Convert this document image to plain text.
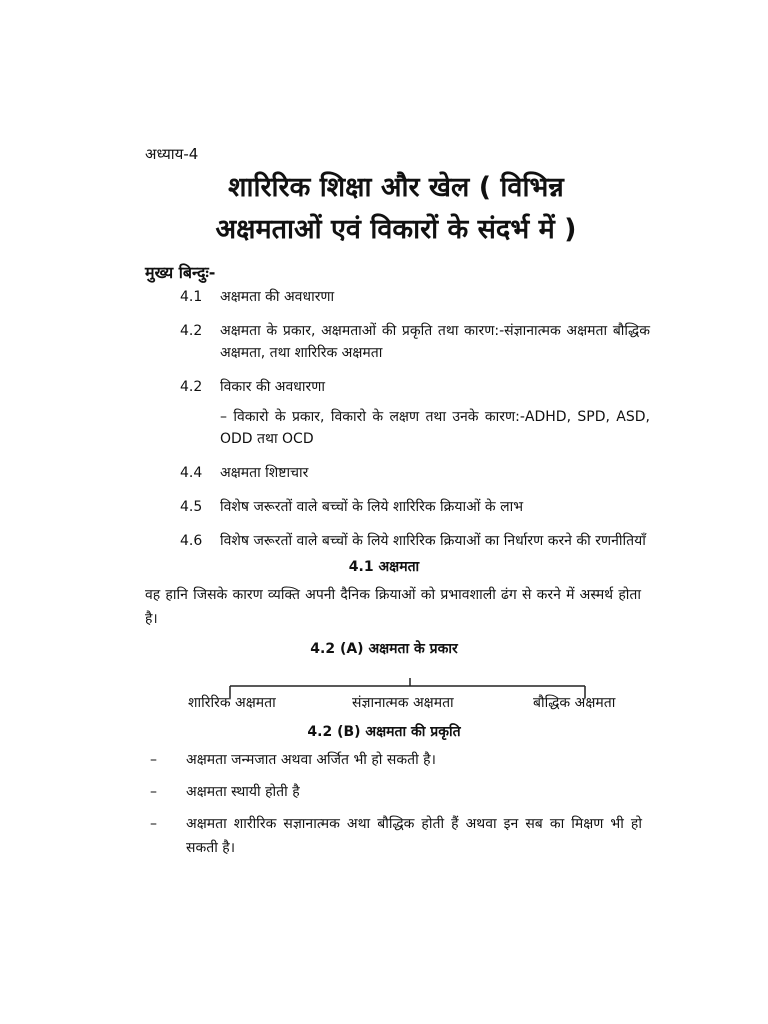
अध्याय-4
शारिरिक शिक्षा और खेल ( विभिन्न
अक्षमताओं एवं विकारों के संदर्भ में )
मुख्य बिन्दुः-
4.1	अक्षमता की अवधारणा
4.2	अक्षमता के प्रकार, अक्षमताओं की प्रकृति तथा कारण:-संज्ञानात्मक अक्षमता बौद्धिक अक्षमता, तथा शारिरिक अक्षमता
4.2	विकार की अवधारणा
– विकारो के प्रकार, विकारो के लक्षण तथा उनके कारण:-ADHD, SPD, ASD, ODD तथा OCD
4.4	अक्षमता शिष्टाचार
4.5	विशेष जरूरतों वाले बच्चों के लिये शारिरिक क्रियाओं के लाभ
4.6	विशेष जरूरतों वाले बच्चों के लिये शारिरिक क्रियाओं का निर्धारण करने की रणनीतियाँ
4.1 अक्षमता
वह हानि जिसके कारण व्यक्ति अपनी दैनिक क्रियाओं को प्रभावशाली ढंग से करने में अस्मर्थ होता है।
4.2 (A) अक्षमता के प्रकार
शारिरिक अक्षमता	संज्ञानात्मक अक्षमता	बौद्धिक अक्षमता
4.2 (B) अक्षमता की प्रकृति
–	अक्षमता जन्मजात अथवा अर्जित भी हो सकती है।
–	अक्षमता स्थायी होती है
–	अक्षमता शारीरिक सज्ञानात्मक अथा बौद्धिक होती हैं अथवा इन सब का मिक्षण भी हो सकती है।
